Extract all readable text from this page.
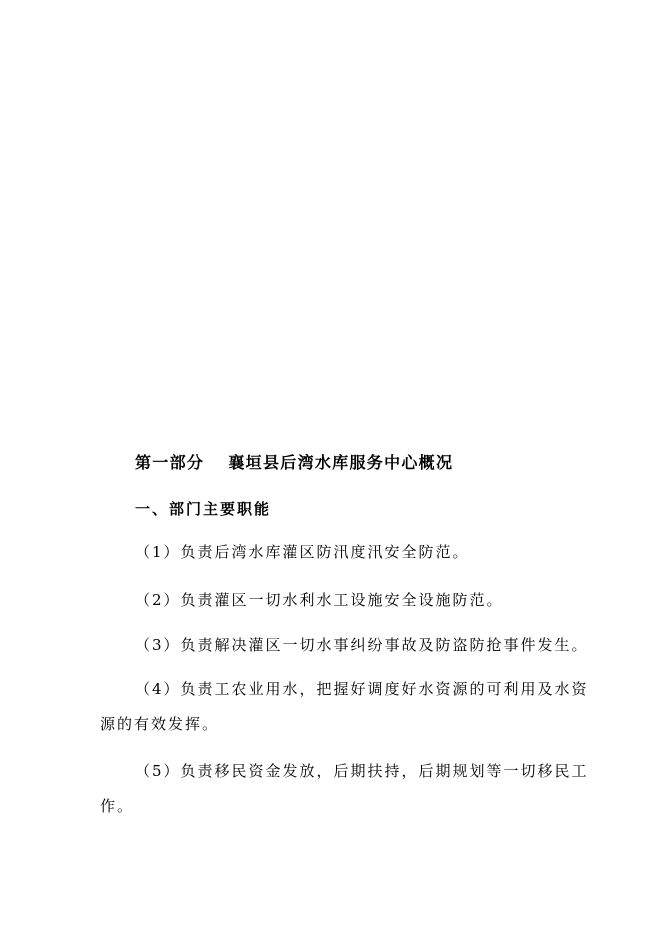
第一部分 　襄垣县后湾水库服务中心概况
一、部门主要职能
（1）负责后湾水库灌区防汛度汛安全防范。
（2）负责灌区一切水利水工设施安全设施防范。
（3）负责解决灌区一切水事纠纷事故及防盗防抢事件发生。
（4）负责工农业用水，把握好调度好水资源的可利用及水资
源的有效发挥。
（5）负责移民资金发放，后期扶持，后期规划等一切移民工
作。
